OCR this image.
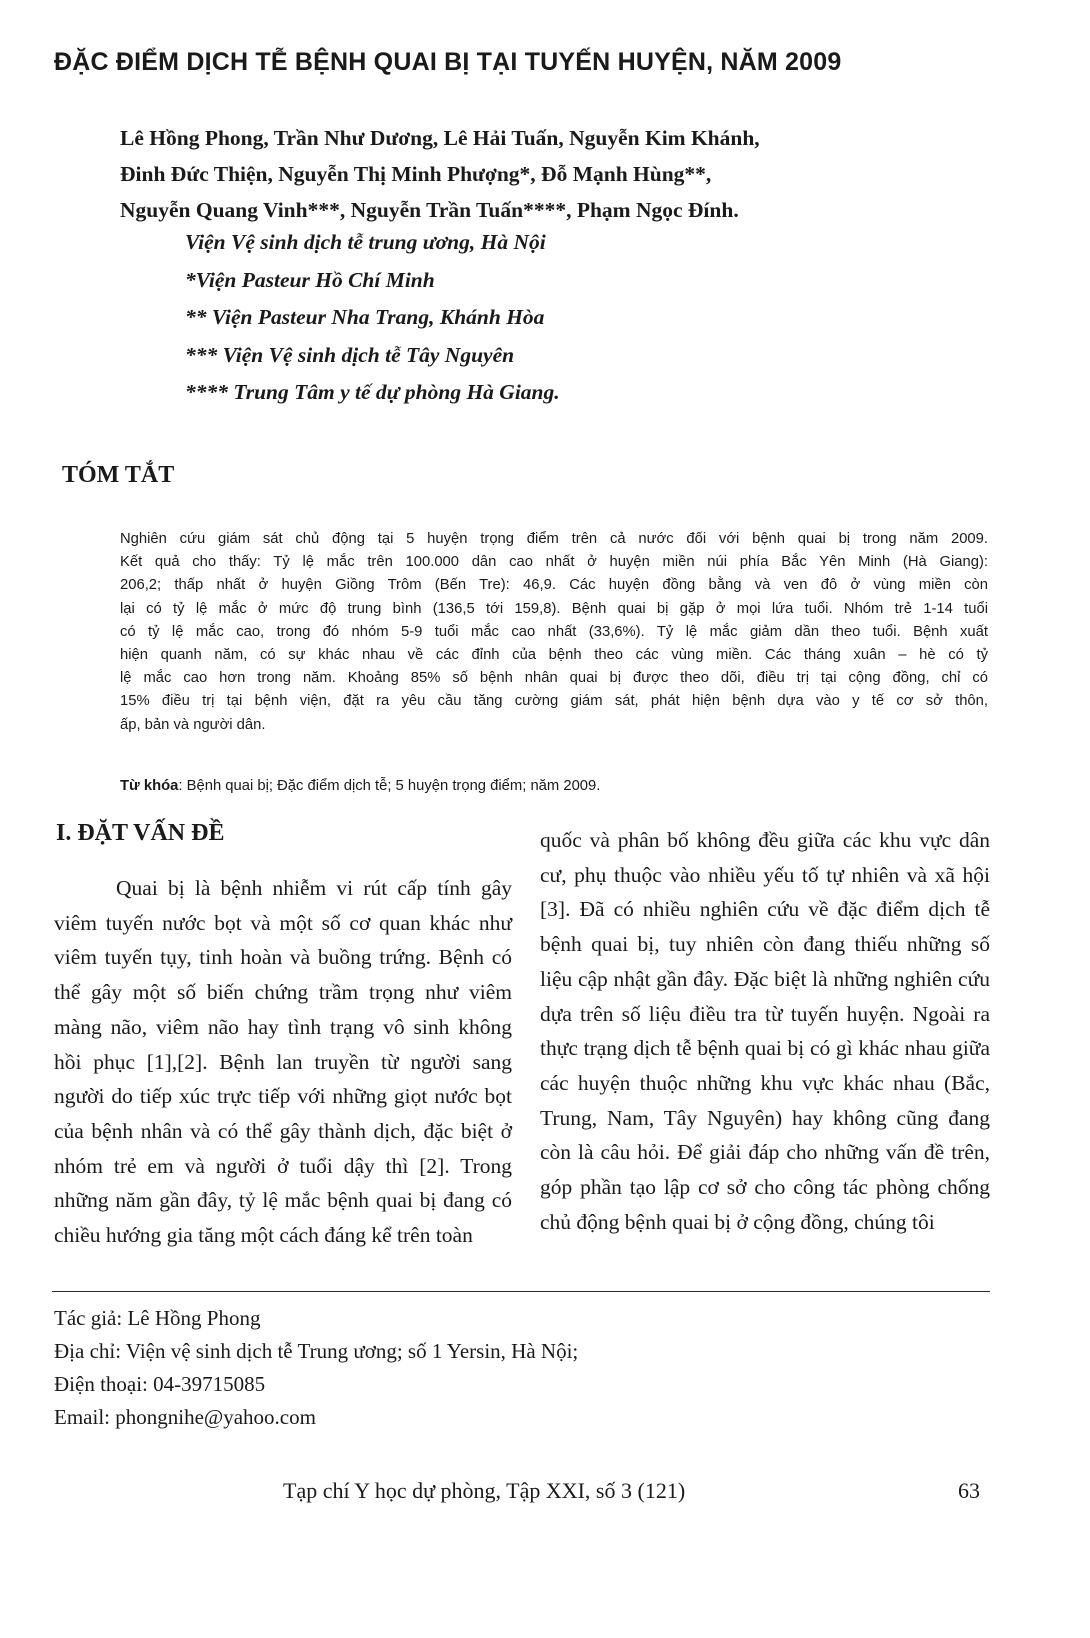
ĐẶC ĐIỂM DỊCH TỄ BỆNH QUAI BỊ TẠI TUYẾN HUYỆN, NĂM 2009
Lê Hồng Phong, Trần Như Dương, Lê Hải Tuấn, Nguyễn Kim Khánh,
Đinh Đức Thiện, Nguyễn Thị Minh Phượng*, Đỗ Mạnh Hùng**,
Nguyễn Quang Vinh***, Nguyễn Trần Tuấn****, Phạm Ngọc Đính.
Viện Vệ sinh dịch tễ trung ương, Hà Nội
*Viện Pasteur Hồ Chí Minh
** Viện Pasteur Nha Trang, Khánh Hòa
*** Viện Vệ sinh dịch tễ Tây Nguyên
**** Trung Tâm y tế dự phòng Hà Giang.
TÓM TẮT
Nghiên cứu giám sát chủ động tại 5 huyện trọng điểm trên cả nước đối với bệnh quai bị trong năm 2009.
Kết quả cho thấy: Tỷ lệ mắc trên 100.000 dân cao nhất ở huyện miền núi phía Bắc Yên Minh (Hà Giang):
206,2; thấp nhất ở huyện Giồng Trôm (Bến Tre): 46,9. Các huyện đồng bằng và ven đô ở vùng miền còn
lại có tỷ lệ mắc ở mức độ trung bình (136,5 tới 159,8). Bệnh quai bị gặp ở mọi lứa tuổi. Nhóm trẻ 1-14 tuổi
có tỷ lệ mắc cao, trong đó nhóm 5-9 tuổi mắc cao nhất (33,6%). Tỷ lệ mắc giảm dần theo tuổi. Bệnh xuất
hiện quanh năm, có sự khác nhau về các đỉnh của bệnh theo các vùng miền. Các tháng xuân – hè có tỷ
lệ mắc cao hơn trong năm. Khoảng 85% số bệnh nhân quai bị được theo dõi, điều trị tại cộng đồng, chỉ có
15% điều trị tại bệnh viện, đặt ra yêu cầu tăng cường giám sát, phát hiện bệnh dựa vào y tế cơ sở thôn,
ấp, bản và người dân.
Từ khóa: Bệnh quai bị; Đặc điểm dịch tễ; 5 huyện trọng điểm; năm 2009.
I. ĐẶT VẤN ĐỀ

Quai bị là bệnh nhiễm vi rút cấp tính gây viêm tuyến nước bọt và một số cơ quan khác như viêm tuyến tụy, tinh hoàn và buồng trứng. Bệnh có thể gây một số biến chứng trầm trọng như viêm màng não, viêm não hay tình trạng vô sinh không hồi phục [1],[2]. Bệnh lan truyền từ người sang người do tiếp xúc trực tiếp với những giọt nước bọt của bệnh nhân và có thể gây thành dịch, đặc biệt ở nhóm trẻ em và người ở tuổi dậy thì [2]. Trong những năm gần đây, tỷ lệ mắc bệnh quai bị đang có chiều hướng gia tăng một cách đáng kể trên toàn

quốc và phân bố không đều giữa các khu vực dân cư, phụ thuộc vào nhiều yếu tố tự nhiên và xã hội [3]. Đã có nhiều nghiên cứu về đặc điểm dịch tễ bệnh quai bị, tuy nhiên còn đang thiếu những số liệu cập nhật gần đây. Đặc biệt là những nghiên cứu dựa trên số liệu điều tra từ tuyến huyện. Ngoài ra thực trạng dịch tễ bệnh quai bị có gì khác nhau giữa các huyện thuộc những khu vực khác nhau (Bắc, Trung, Nam, Tây Nguyên) hay không cũng đang còn là câu hỏi. Để giải đáp cho những vấn đề trên, góp phần tạo lập cơ sở cho công tác phòng chống chủ động bệnh quai bị ở cộng đồng, chúng tôi

Tác giả: Lê Hồng Phong
Địa chỉ: Viện vệ sinh dịch tễ Trung ương; số 1 Yersin, Hà Nội;
Điện thoại: 04-39715085
Email: phongnihe@yahoo.com
Tạp chí Y học dự phòng, Tập XXI, số 3 (121)	63
